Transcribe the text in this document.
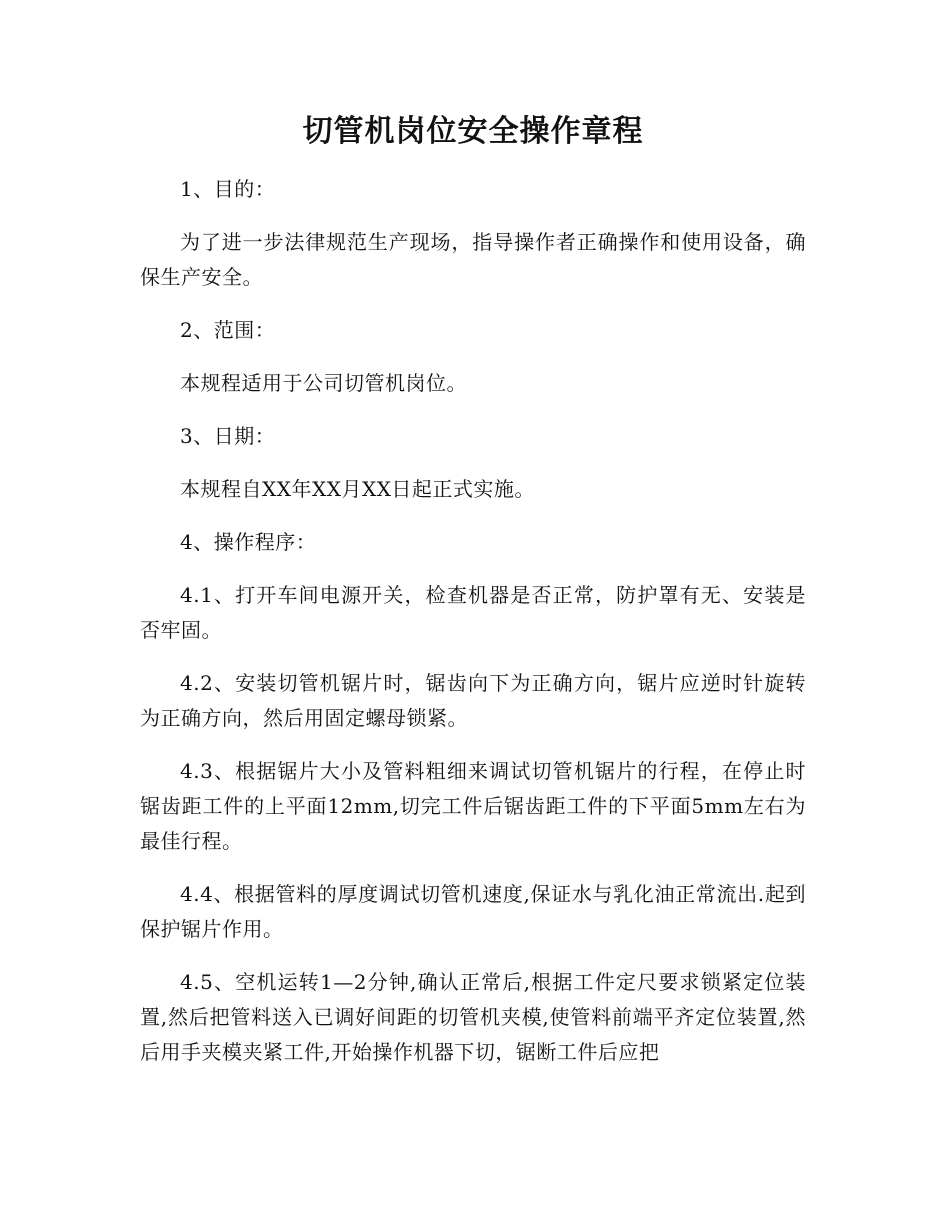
切管机岗位安全操作章程

1、目的：

为了进一步法律规范生产现场，指导操作者正确操作和使用设备，确保生产安全。

2、范围：

本规程适用于公司切管机岗位。

3、日期：

本规程自XX年XX月XX日起正式实施。

4、操作程序：

4.1、打开车间电源开关，检查机器是否正常，防护罩有无、安装是否牢固。

4.2、安装切管机锯片时，锯齿向下为正确方向，锯片应逆时针旋转为正确方向，然后用固定螺母锁紧。

4.3、根据锯片大小及管料粗细来调试切管机锯片的行程，在停止时锯齿距工件的上平面12mm,切完工件后锯齿距工件的下平面5mm左右为最佳行程。

4.4、根据管料的厚度调试切管机速度,保证水与乳化油正常流出.起到保护锯片作用。

4.5、空机运转1—2分钟,确认正常后,根据工件定尺要求锁紧定位装置,然后把管料送入已调好间距的切管机夹模,使管料前端平齐定位装置,然后用手夹模夹紧工件,开始操作机器下切，锯断工件后应把
